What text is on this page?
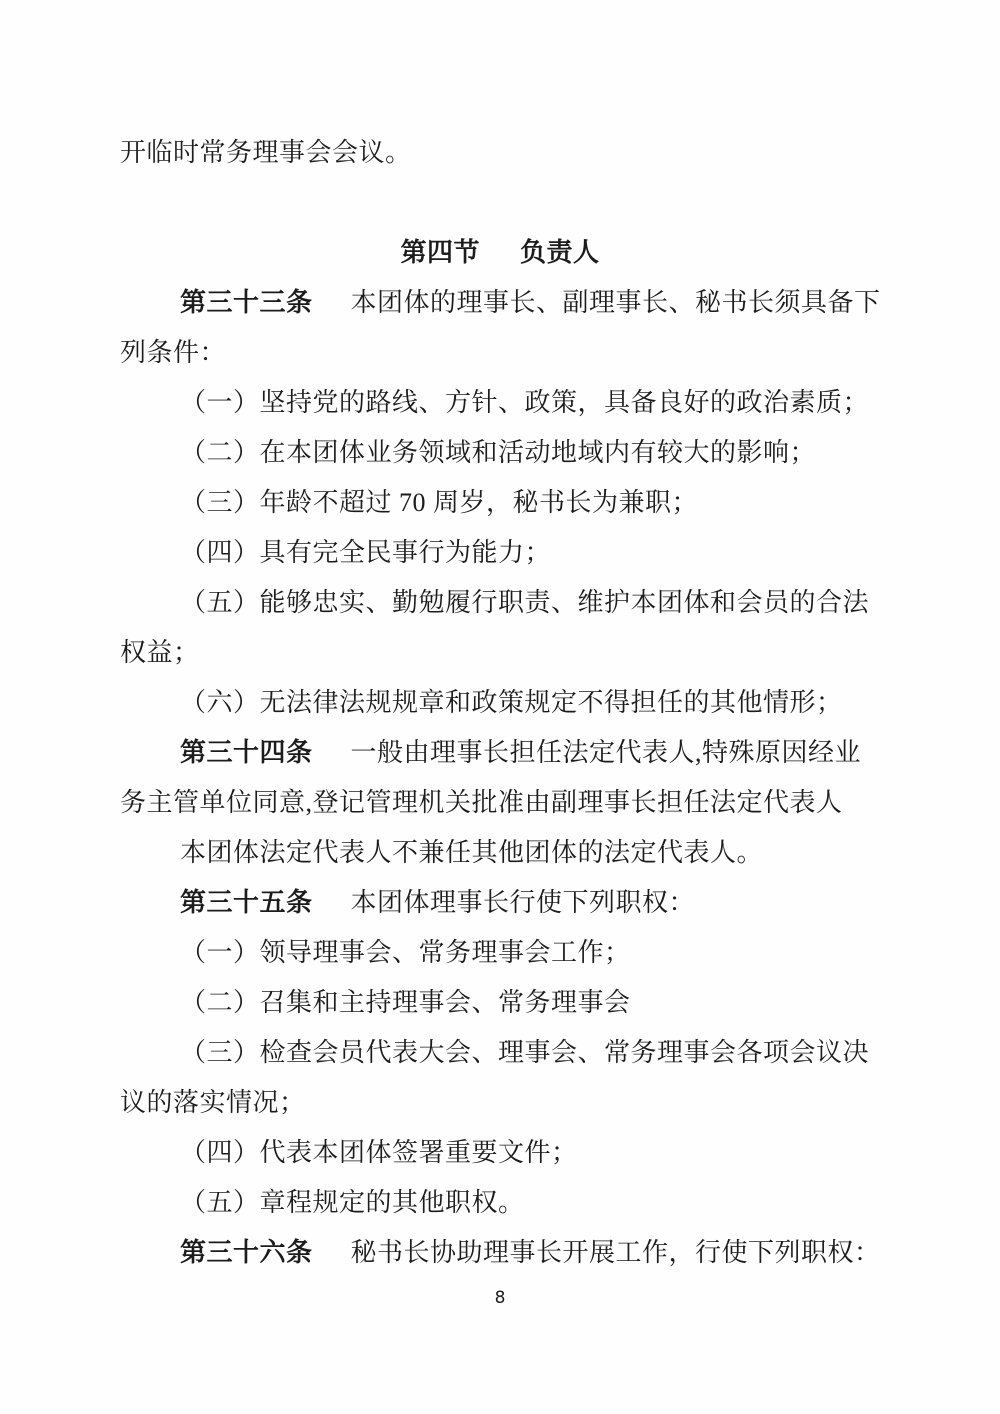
开临时常务理事会会议。
第四节 负责人
第三十三条 本团体的理事长、副理事长、秘书长须具备下
列条件：
（一）坚持党的路线、方针、政策，具备良好的政治素质；
（二）在本团体业务领域和活动地域内有较大的影响；
（三）年龄不超过 70 周岁，秘书长为兼职；
（四）具有完全民事行为能力；
（五）能够忠实、勤勉履行职责、维护本团体和会员的合法
权益；
（六）无法律法规规章和政策规定不得担任的其他情形；
第三十四条 一般由理事长担任法定代表人,特殊原因经业
务主管单位同意,登记管理机关批准由副理事长担任法定代表人
本团体法定代表人不兼任其他团体的法定代表人。
第三十五条 本团体理事长行使下列职权：
（一）领导理事会、常务理事会工作；
（二）召集和主持理事会、常务理事会
（三）检查会员代表大会、理事会、常务理事会各项会议决
议的落实情况；
（四）代表本团体签署重要文件；
（五）章程规定的其他职权。
第三十六条 秘书长协助理事长开展工作，行使下列职权：
8
